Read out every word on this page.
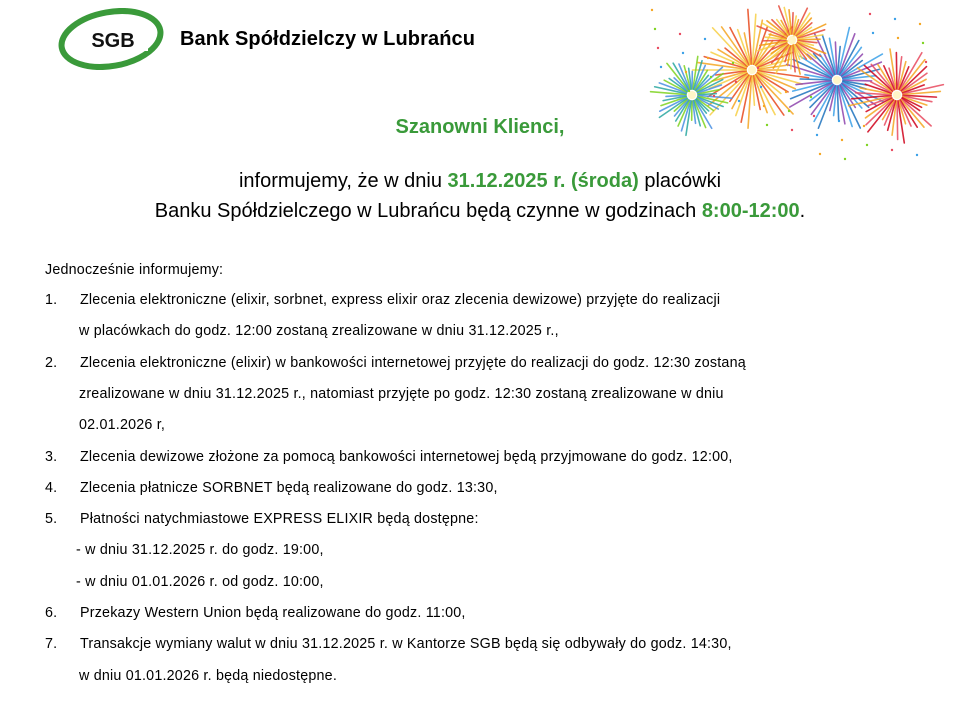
SGB Bank Spółdzielczy w Lubrańcu
Szanowni Klienci,
informujemy, że w dniu 31.12.2025 r. (środa) placówki
Banku Spółdzielczego w Lubrańcu będą czynne w godzinach 8:00-12:00.
Jednocześnie informujemy:
1. Zlecenia elektroniczne (elixir, sorbnet, express elixir oraz zlecenia dewizowe) przyjęte do realizacji
w placówkach do godz. 12:00 zostaną zrealizowane w dniu 31.12.2025 r.,
2. Zlecenia elektroniczne (elixir) w bankowości internetowej przyjęte do realizacji do godz. 12:30 zostaną
zrealizowane w dniu 31.12.2025 r., natomiast przyjęte po godz. 12:30 zostaną zrealizowane w dniu
02.01.2026 r,
3. Zlecenia dewizowe złożone za pomocą bankowości internetowej będą przyjmowane do godz. 12:00,
4. Zlecenia płatnicze SORBNET będą realizowane do godz. 13:30,
5. Płatności natychmiastowe EXPRESS ELIXIR będą dostępne:
- w dniu 31.12.2025 r. do godz. 19:00,
- w dniu 01.01.2026 r. od godz. 10:00,
6. Przekazy Western Union będą realizowane do godz. 11:00,
7. Transakcje wymiany walut w dniu 31.12.2025 r. w Kantorze SGB będą się odbywały do godz. 14:30,
w dniu 01.01.2026 r. będą niedostępne.
